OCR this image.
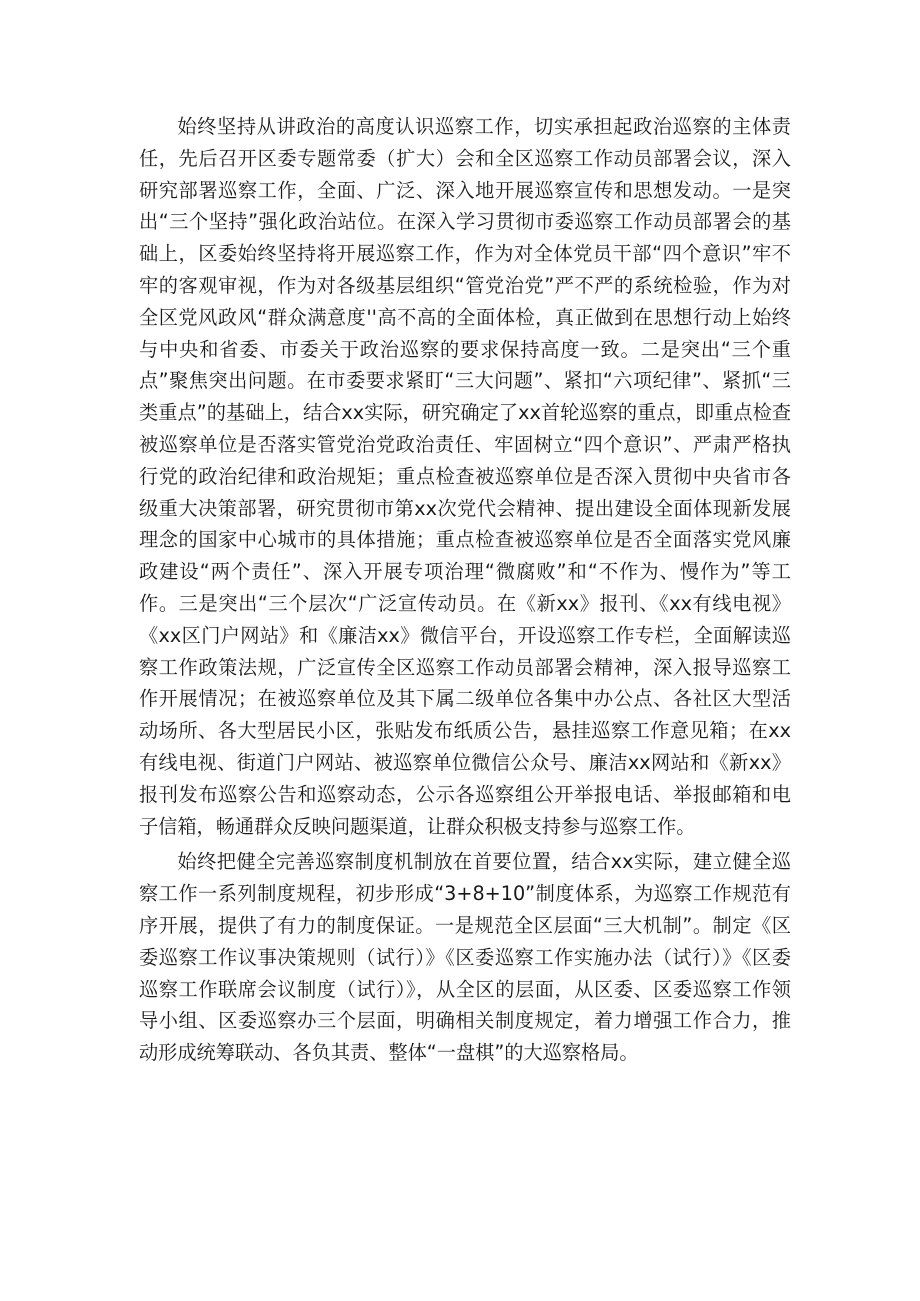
始终坚持从讲政治的高度认识巡察工作，切实承担起政治巡察的主体责任，先后召开区委专题常委（扩大）会和全区巡察工作动员部署会议，深入研究部署巡察工作，全面、广泛、深入地开展巡察宣传和思想发动。一是突出“三个坚持”强化政治站位。在深入学习贯彻市委巡察工作动员部署会的基础上，区委始终坚持将开展巡察工作，作为对全体党员干部“四个意识”牢不牢的客观审视，作为对各级基层组织“管党治党”严不严的系统检验，作为对全区党风政风“群众满意度''高不高的全面体检，真正做到在思想行动上始终与中央和省委、市委关于政治巡察的要求保持高度一致。二是突出“三个重点”聚焦突出问题。在市委要求紧盯“三大问题”、紧扣“六项纪律”、紧抓“三类重点”的基础上，结合xx实际，研究确定了xx首轮巡察的重点，即重点检查被巡察单位是否落实管党治党政治责任、牢固树立“四个意识”、严肃严格执行党的政治纪律和政治规矩；重点检查被巡察单位是否深入贯彻中央省市各级重大决策部署，研究贯彻市第xx次党代会精神、提出建设全面体现新发展理念的国家中心城市的具体措施；重点检查被巡察单位是否全面落实党风廉政建设“两个责任”、深入开展专项治理“微腐败”和“不作为、慢作为”等工作。三是突出“三个层次“广泛宣传动员。在《新xx》报刊、《xx有线电视》《xx区门户网站》和《廉洁xx》微信平台，开设巡察工作专栏，全面解读巡察工作政策法规，广泛宣传全区巡察工作动员部署会精神，深入报导巡察工作开展情况；在被巡察单位及其下属二级单位各集中办公点、各社区大型活动场所、各大型居民小区，张贴发布纸质公告，悬挂巡察工作意见箱；在xx有线电视、街道门户网站、被巡察单位微信公众号、廉洁xx网站和《新xx》报刊发布巡察公告和巡察动态，公示各巡察组公开举报电话、举报邮箱和电子信箱，畅通群众反映问题渠道，让群众积极支持参与巡察工作。

始终把健全完善巡察制度机制放在首要位置，结合xx实际，建立健全巡察工作一系列制度规程，初步形成“3+8+10”制度体系，为巡察工作规范有序开展，提供了有力的制度保证。一是规范全区层面“三大机制”。制定《区委巡察工作议事决策规则（试行）》《区委巡察工作实施办法（试行）》《区委巡察工作联席会议制度（试行）》，从全区的层面，从区委、区委巡察工作领导小组、区委巡察办三个层面，明确相关制度规定，着力增强工作合力，推动形成统筹联动、各负其责、整体“一盘棋”的大巡察格局。
